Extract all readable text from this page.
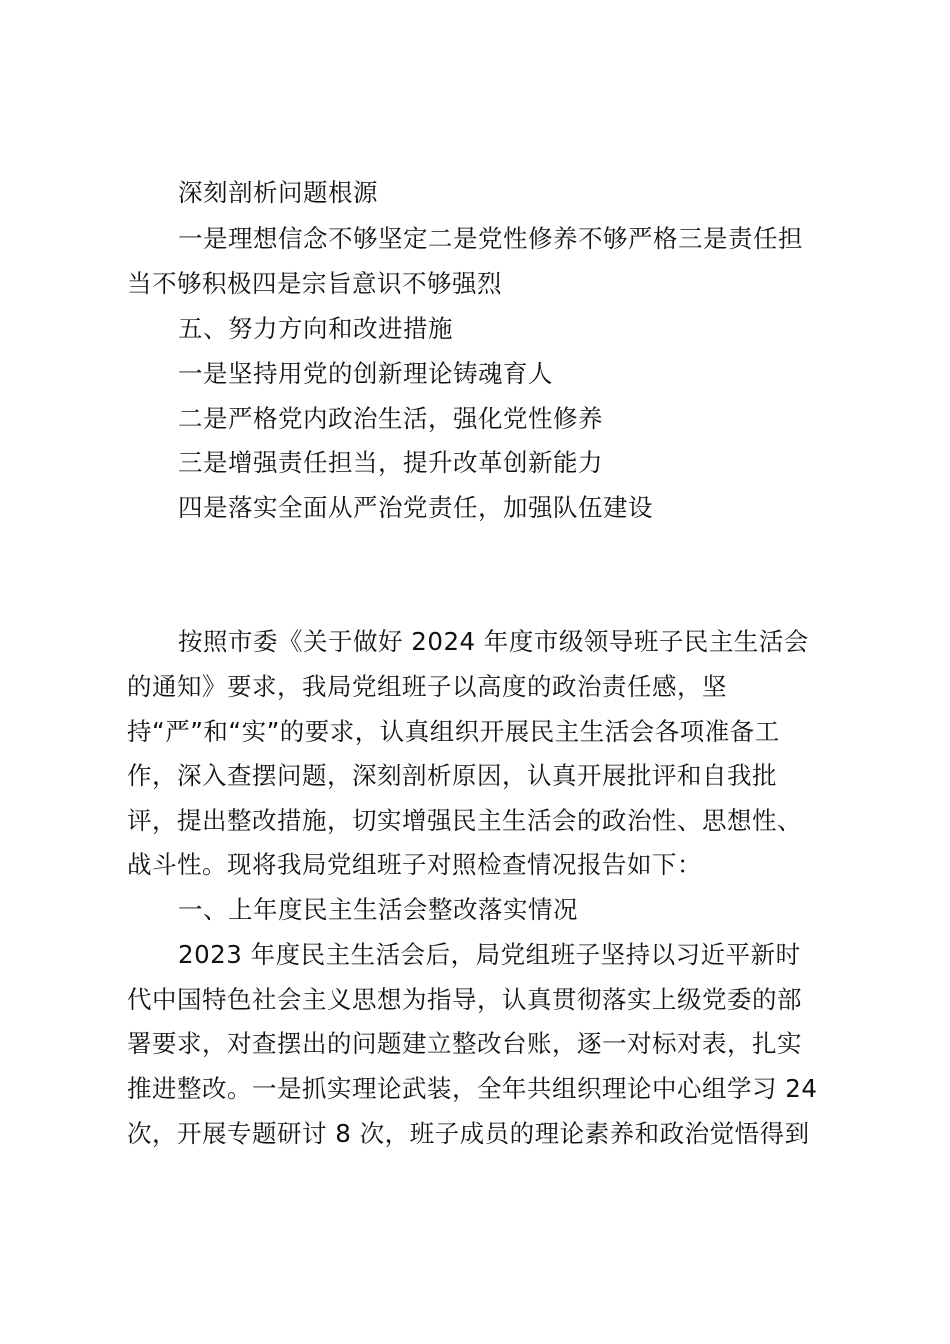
深刻剖析问题根源
一是理想信念不够坚定二是党性修养不够严格三是责任担
当不够积极四是宗旨意识不够强烈
五、努力方向和改进措施
一是坚持用党的创新理论铸魂育人
二是严格党内政治生活，强化党性修养
三是增强责任担当，提升改革创新能力
四是落实全面从严治党责任，加强队伍建设
按照市委《关于做好 2024 年度市级领导班子民主生活会
的通知》要求，我局党组班子以高度的政治责任感，坚
持“严”和“实”的要求，认真组织开展民主生活会各项准备工
作，深入查摆问题，深刻剖析原因，认真开展批评和自我批
评，提出整改措施，切实增强民主生活会的政治性、思想性、
战斗性。现将我局党组班子对照检查情况报告如下：
一、上年度民主生活会整改落实情况
2023 年度民主生活会后，局党组班子坚持以习近平新时
代中国特色社会主义思想为指导，认真贯彻落实上级党委的部
署要求，对查摆出的问题建立整改台账，逐一对标对表，扎实
推进整改。一是抓实理论武装，全年共组织理论中心组学习 24
次，开展专题研讨 8 次，班子成员的理论素养和政治觉悟得到
